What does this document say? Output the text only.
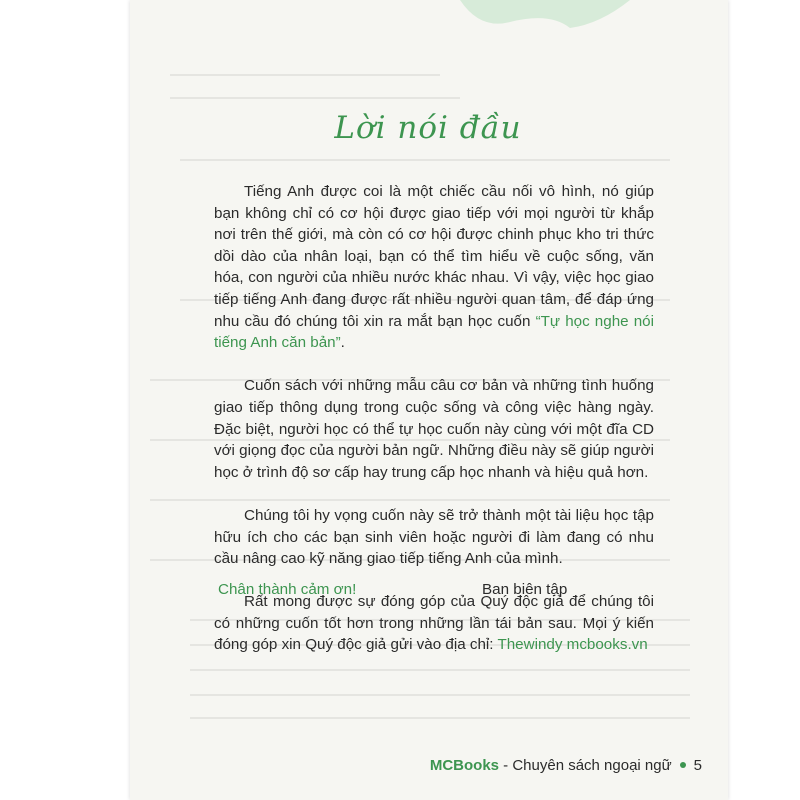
Lời nói đầu

Tiếng Anh được coi là một chiếc cầu nối vô hình, nó giúp bạn không chỉ có cơ hội được giao tiếp với mọi người từ khắp nơi trên thế giới, mà còn có cơ hội được chinh phục kho tri thức dồi dào của nhân loại, bạn có thể tìm hiểu về cuộc sống, văn hóa, con người của nhiều nước khác nhau. Vì vậy, việc học giao tiếp tiếng Anh đang được rất nhiều người quan tâm, để đáp ứng nhu cầu đó chúng tôi xin ra mắt bạn học cuốn “Tự học nghe nói tiếng Anh căn bản”.

Cuốn sách với những mẫu câu cơ bản và những tình huống giao tiếp thông dụng trong cuộc sống và công việc hàng ngày. Đặc biệt, người học có thể tự học cuốn này cùng với một đĩa CD với giọng đọc của người bản ngữ. Những điều này sẽ giúp người học ở trình độ sơ cấp hay trung cấp học nhanh và hiệu quả hơn.

Chúng tôi hy vọng cuốn này sẽ trở thành một tài liệu học tập hữu ích cho các bạn sinh viên hoặc người đi làm đang có nhu cầu nâng cao kỹ năng giao tiếp tiếng Anh của mình.

Rất mong được sự đóng góp của Quý độc giả để chúng tôi có những cuốn tốt hơn trong những lần tái bản sau. Mọi ý kiến đóng góp xin Quý độc giả gửi vào địa chỉ: Thewindy mcbooks.vn

Chân thành cảm ơn!	Ban biên tập
MCBooks - Chuyên sách ngoại ngữ 5
